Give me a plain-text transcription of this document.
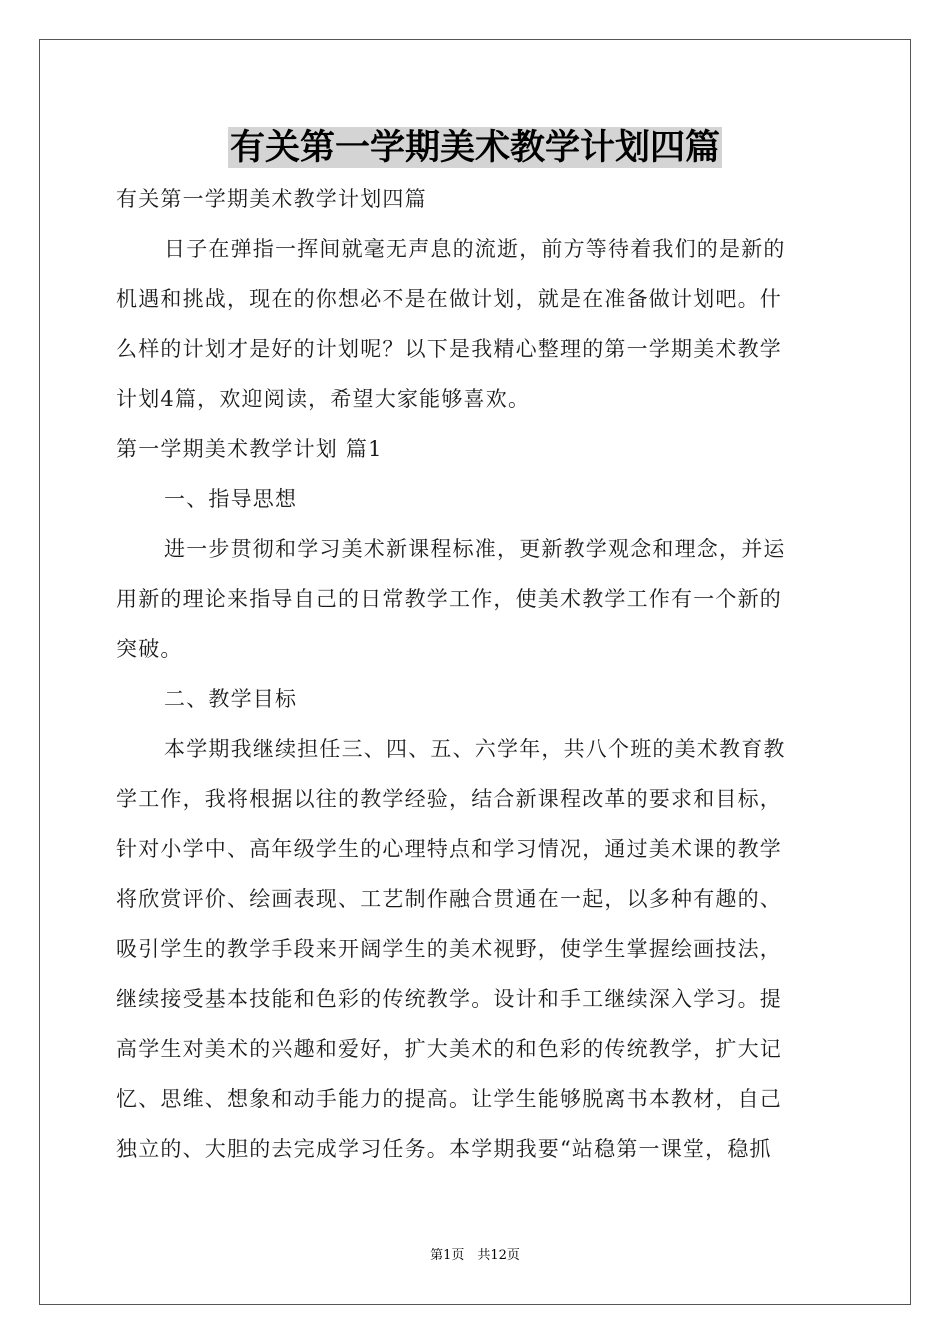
有关第一学期美术教学计划四篇
有关第一学期美术教学计划四篇
日子在弹指一挥间就毫无声息的流逝，前方等待着我们的是新的
机遇和挑战，现在的你想必不是在做计划，就是在准备做计划吧。什
么样的计划才是好的计划呢？以下是我精心整理的第一学期美术教学
计划4篇，欢迎阅读，希望大家能够喜欢。
第一学期美术教学计划 篇1
一、指导思想
进一步贯彻和学习美术新课程标准，更新教学观念和理念，并运
用新的理论来指导自己的日常教学工作，使美术教学工作有一个新的
突破。
二、教学目标
本学期我继续担任三、四、五、六学年，共八个班的美术教育教
学工作，我将根据以往的教学经验，结合新课程改革的要求和目标，
针对小学中、高年级学生的心理特点和学习情况，通过美术课的教学
将欣赏评价、绘画表现、工艺制作融合贯通在一起，以多种有趣的、
吸引学生的教学手段来开阔学生的美术视野，使学生掌握绘画技法，
继续接受基本技能和色彩的传统教学。设计和手工继续深入学习。提
高学生对美术的兴趣和爱好，扩大美术的和色彩的传统教学，扩大记
忆、思维、想象和动手能力的提高。让学生能够脱离书本教材，自己
独立的、大胆的去完成学习任务。本学期我要“站稳第一课堂，稳抓
第1页　共12页
